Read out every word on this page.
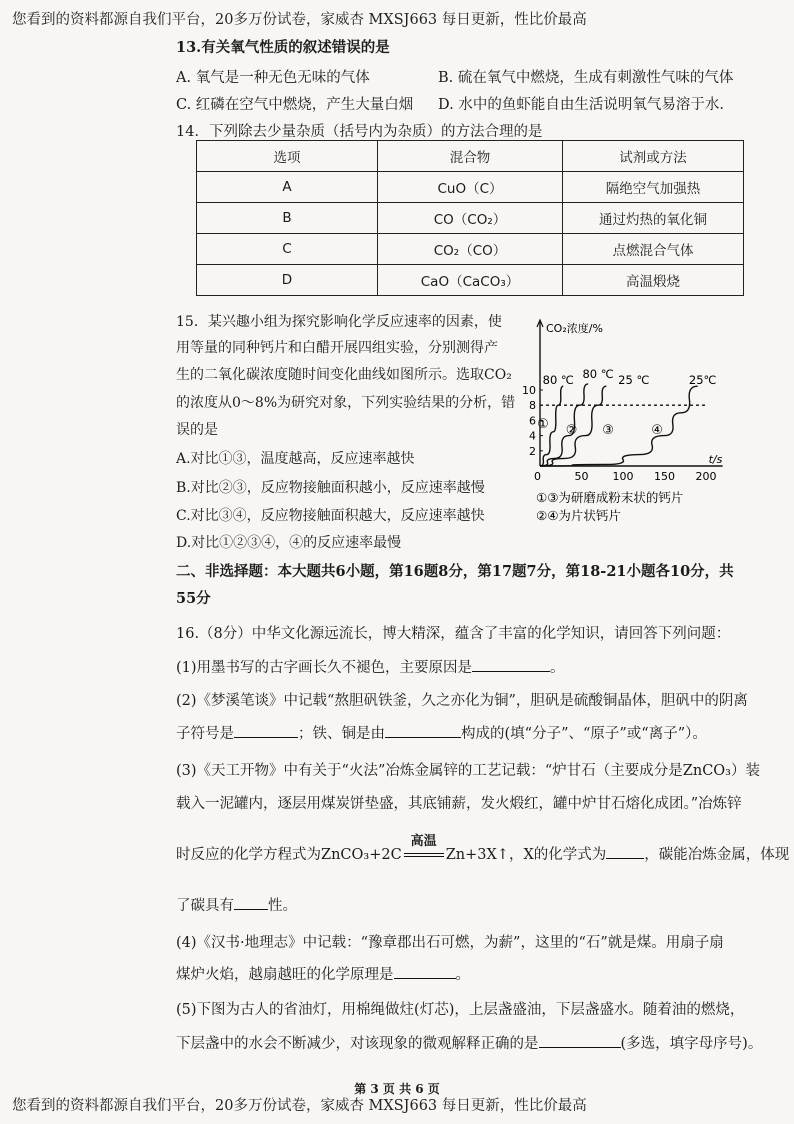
您看到的资料都源自我们平台，20多万份试卷，家威杏 MXSJ663 每日更新，性比价最高
13.有关氧气性质的叙述错误的是
A. 氧气是一种无色无味的气体	B. 硫在氧气中燃烧，生成有刺激性气味的气体
C. 红磷在空气中燃烧，产生大量白烟 D. 水中的鱼虾能自由生活说明氧气易溶于水.
14．下列除去少量杂质（括号内为杂质）的方法合理的是
选项	混合物	试剂或方法
A	CuO（C）	隔绝空气加强热
B	CO（CO₂）	通过灼热的氧化铜
C	CO₂（CO）	点燃混合气体
D	CaO（CaCO₃）	高温煅烧
15．某兴趣小组为探究影响化学反应速率的因素，使
用等量的同种钙片和白醋开展四组实验，分别测得产
生的二氧化碳浓度随时间变化曲线如图所示。选取CO₂
的浓度从0～8%为研究对象，下列实验结果的分析，错
误的是
A.对比①③，温度越高，反应速率越快
B.对比②③，反应物接触面积越小，反应速率越慢
C.对比③④，反应物接触面积越大，反应速率越快
D.对比①②③④，④的反应速率最慢
CO₂浓度/%
t/s
0	50 100 150 200
2
4
6
8
10
①
80 ℃
②
80 ℃
③
25 ℃
④
25℃
①③为研磨成粉末状的钙片
②④为片状钙片
二、非选择题：本大题共6小题，第16题8分，第17题7分，第18-21小题各10分，共
55分
16.（8分）中华文化源远流长，博大精深，蕴含了丰富的化学知识，请回答下列问题：
(1)用墨书写的古字画长久不褪色，主要原因是	。
(2)《梦溪笔谈》中记载“熬胆矾铁釜，久之亦化为铜”，胆矾是硫酸铜晶体，胆矾中的阴离
子符号是	；铁、铜是由	构成的(填“分子”、“原子”或“离子”）。
(3)《天工开物》中有关于“火法”冶炼金属锌的工艺记载：“炉甘石（主要成分是ZnCO₃）装
载入一泥罐内，逐层用煤炭饼垫盛，其底铺薪，发火煅红，罐中炉甘石熔化成团。”冶炼锌
时反应的化学方程式为ZnCO₃+2C
高温
Zn+3X↑，X的化学式为	，碳能冶炼金属，体现
了碳具有 性。
(4)《汉书·地理志》中记载：“豫章郡出石可燃，为薪”，这里的“石”就是煤。用扇子扇
煤炉火焰，越扇越旺的化学原理是	。
(5)下图为古人的省油灯，用棉绳做炷(灯芯)，上层盏盛油，下层盏盛水。随着油的燃烧，
下层盏中的水会不断减少，对该现象的微观解释正确的是	(多选，填字母序号)。
第 3 页 共 6 页
您看到的资料都源自我们平台，20多万份试卷，家威杏 MXSJ663 每日更新，性比价最高
